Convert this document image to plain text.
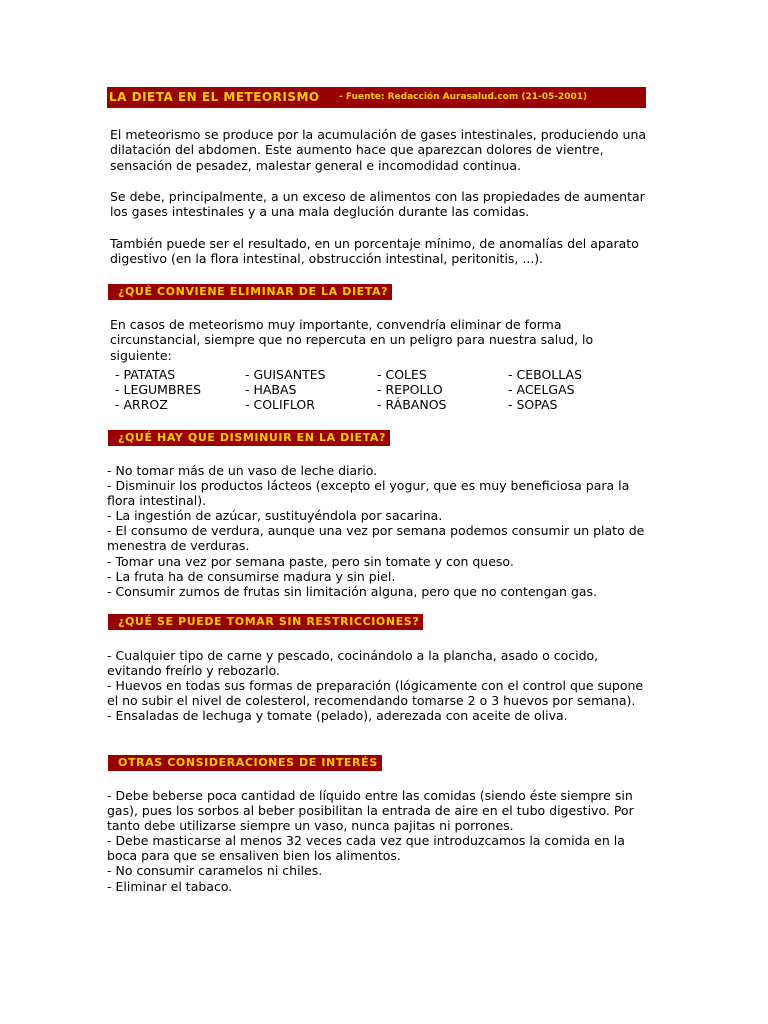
LA DIETA EN EL METEORISMO - Fuente: Redacción Aurasalud.com (21-05-2001)

El meteorismo se produce por la acumulación de gases intestinales, produciendo una dilatación del abdomen. Este aumento hace que aparezcan dolores de vientre, sensación de pesadez, malestar general e incomodidad continua.

Se debe, principalmente, a un exceso de alimentos con las propiedades de aumentar los gases intestinales y a una mala deglución durante las comidas.

También puede ser el resultado, en un porcentaje mínimo, de anomalías del aparato digestivo (en la flora intestinal, obstrucción intestinal, peritonitis, ...).

¿QUÉ CONVIENE ELIMINAR DE LA DIETA?

En casos de meteorismo muy importante, convendría eliminar de forma circunstancial, siempre que no repercuta en un peligro para nuestra salud, lo siguiente:

- PATATAS	- GUISANTES	- COLES	- CEBOLLAS
- LEGUMBRES	- HABAS	- REPOLLO	- ACELGAS
- ARROZ	- COLIFLOR	- RÁBANOS	- SOPAS
¿QUÉ HAY QUE DISMINUIR EN LA DIETA?
- No tomar más de un vaso de leche diario.
- Disminuir los productos lácteos (excepto el yogur, que es muy beneficiosa para la flora intestinal).
- La ingestión de azúcar, sustituyéndola por sacarina.
- El consumo de verdura, aunque una vez por semana podemos consumir un plato de menestra de verduras.
- Tomar una vez por semana paste, pero sin tomate y con queso.
- La fruta ha de consumirse madura y sin piel.
- Consumir zumos de frutas sin limitación alguna, pero que no contengan gas.
¿QUÉ SE PUEDE TOMAR SIN RESTRICCIONES?
- Cualquier tipo de carne y pescado, cocinándolo a la plancha, asado o cocido, evitando freírlo y rebozarlo.
- Huevos en todas sus formas de preparación (lógicamente con el control que supone el no subir el nivel de colesterol, recomendando tomarse 2 o 3 huevos por semana).
- Ensaladas de lechuga y tomate (pelado), aderezada con aceite de oliva.
OTRAS CONSIDERACIONES DE INTERÉS
- Debe beberse poca cantidad de líquido entre las comidas (siendo éste siempre sin gas), pues los sorbos al beber posibilitan la entrada de aire en el tubo digestivo. Por tanto debe utilizarse siempre un vaso, nunca pajitas ni porrones.
- Debe masticarse al menos 32 veces cada vez que introduzcamos la comida en la boca para que se ensaliven bien los alimentos.
- No consumir caramelos ni chiles.
- Eliminar el tabaco.
